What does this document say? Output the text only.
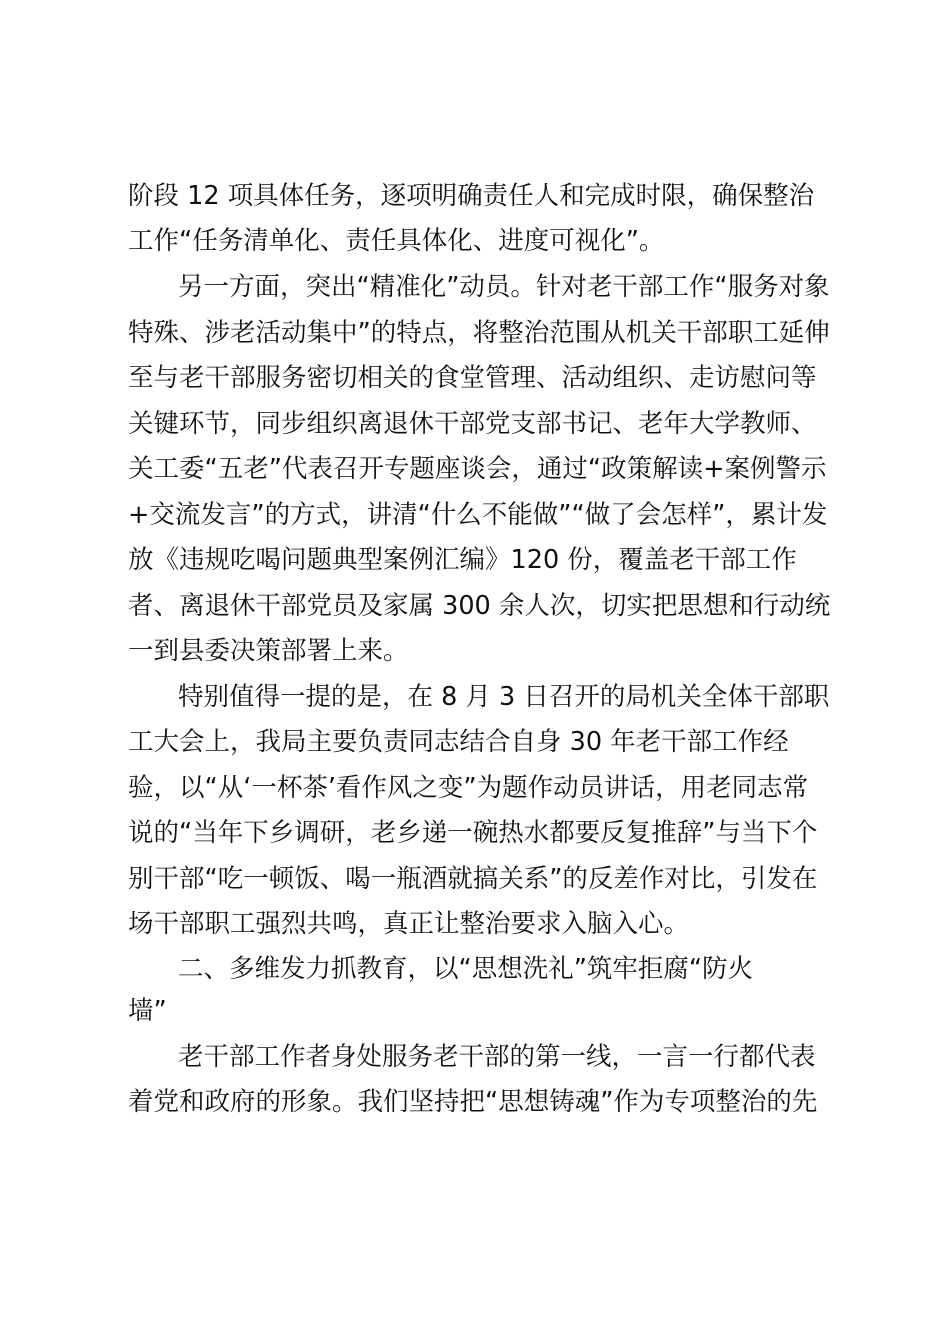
阶段 12 项具体任务，逐项明确责任人和完成时限，确保整治
工作“任务清单化、责任具体化、进度可视化”。
另一方面，突出“精准化”动员。针对老干部工作“服务对象
特殊、涉老活动集中”的特点，将整治范围从机关干部职工延伸
至与老干部服务密切相关的食堂管理、活动组织、走访慰问等
关键环节，同步组织离退休干部党支部书记、老年大学教师、
关工委“五老”代表召开专题座谈会，通过“政策解读+案例警示
+交流发言”的方式，讲清“什么不能做”“做了会怎样”，累计发
放《违规吃喝问题典型案例汇编》120 份，覆盖老干部工作
者、离退休干部党员及家属 300 余人次，切实把思想和行动统
一到县委决策部署上来。
特别值得一提的是，在 8 月 3 日召开的局机关全体干部职
工大会上，我局主要负责同志结合自身 30 年老干部工作经
验，以“从‘一杯茶’看作风之变”为题作动员讲话，用老同志常
说的“当年下乡调研，老乡递一碗热水都要反复推辞”与当下个
别干部“吃一顿饭、喝一瓶酒就搞关系”的反差作对比，引发在
场干部职工强烈共鸣，真正让整治要求入脑入心。
二、多维发力抓教育，以“思想洗礼”筑牢拒腐“防火
墙”
老干部工作者身处服务老干部的第一线，一言一行都代表
着党和政府的形象。我们坚持把“思想铸魂”作为专项整治的先
